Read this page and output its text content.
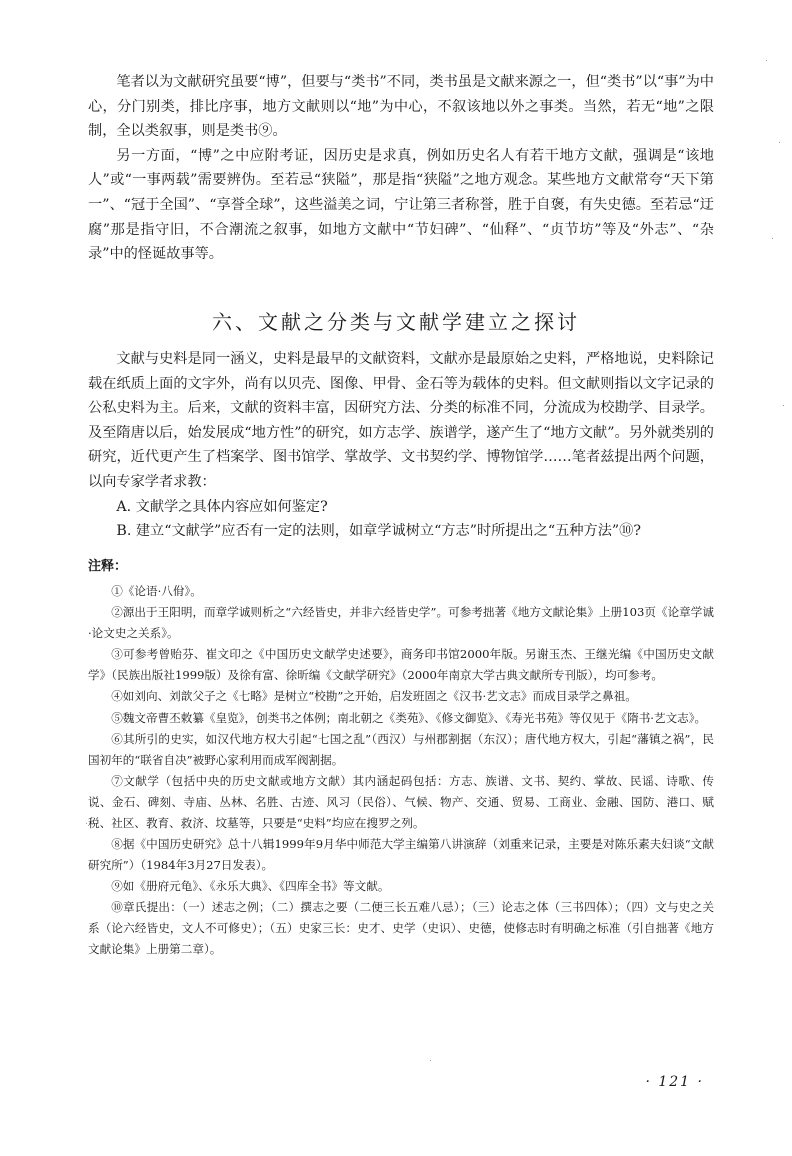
笔者以为文献研究虽要“博”，但要与“类书”不同，类书虽是文献来源之一，但“类书”以“事”为中心，分门别类，排比序事，地方文献则以“地”为中心，不叙该地以外之事类。当然，若无“地”之限制，全以类叙事，则是类书⑨。

另一方面，“博”之中应附考证，因历史是求真，例如历史名人有若干地方文献，强调是“该地人”或“一事两载”需要辨伪。至若忌“狭隘”，那是指“狭隘”之地方观念。某些地方文献常夸“天下第一”、“冠于全国”、“享誉全球”，这些溢美之词，宁让第三者称誉，胜于自褒，有失史德。至若忌“迂腐”那是指守旧，不合潮流之叙事，如地方文献中“节妇碑”、“仙释”、“贞节坊”等及“外志”、“杂录”中的怪诞故事等。

六、文献之分类与文献学建立之探讨

文献与史料是同一涵义，史料是最早的文献资料，文献亦是最原始之史料，严格地说，史料除记载在纸质上面的文字外，尚有以贝壳、图像、甲骨、金石等为载体的史料。但文献则指以文字记录的公私史料为主。后来，文献的资料丰富，因研究方法、分类的标准不同，分流成为校勘学、目录学。及至隋唐以后，始发展成“地方性”的研究，如方志学、族谱学，遂产生了“地方文献”。另外就类别的研究，近代更产生了档案学、图书馆学、掌故学、文书契约学、博物馆学……笔者兹提出两个问题，以向专家学者求教：

A. 文献学之具体内容应如何鉴定?

B. 建立“文献学”应否有一定的法则，如章学诚树立“方志”时所提出之“五种方法”⑩?

注释：

①《论语·八佾》。

②源出于王阳明，而章学诚则析之“六经皆史，并非六经皆史学”。可参考拙著《地方文献论集》上册103页《论章学诚·论文史之关系》。

③可参考曾贻芬、崔文印之《中国历史文献学史述要》，商务印书馆2000年版。另谢玉杰、王继光编《中国历史文献学》（民族出版社1999版）及徐有富、徐昕编《文献学研究》（2000年南京大学古典文献所专刊版），均可参考。

④如刘向、刘歆父子之《七略》是树立“校勘”之开始，启发班固之《汉书·艺文志》而成目录学之鼻祖。

⑤魏文帝曹丕敕纂《皇览》，创类书之体例；南北朝之《类苑》、《修文御览》、《寿光书苑》等仅见于《隋书·艺文志》。

⑥其所引的史实，如汉代地方权大引起“七国之乱”（西汉）与州郡割据（东汉）；唐代地方权大，引起“藩镇之祸”，民国初年的“联省自决”被野心家利用而成军阀割据。

⑦文献学（包括中央的历史文献或地方文献）其内涵起码包括：方志、族谱、文书、契约、掌故、民谣、诗歌、传说、金石、碑刻、寺庙、丛林、名胜、古迹、风习（民俗）、气候、物产、交通、贸易、工商业、金融、国防、港口、赋税、社区、教育、救济、坟墓等，只要是“史料”均应在搜罗之列。

⑧据《中国历史研究》总十八辑1999年9月华中师范大学主编第八讲演辞（刘重来记录，主要是对陈乐素夫妇谈“文献研究所”）（1984年3月27日发表）。

⑨如《册府元龟》、《永乐大典》、《四库全书》等文献。

⑩章氏提出：（一）述志之例；（二）撰志之要（二便三长五难八忌）；（三）论志之体（三书四体）；（四）文与史之关系（论六经皆史，文人不可修史）；（五）史家三长：史才、史学（史识）、史德，使修志时有明确之标准（引自拙著《地方文献论集》上册第二章）。

· 121 ·
